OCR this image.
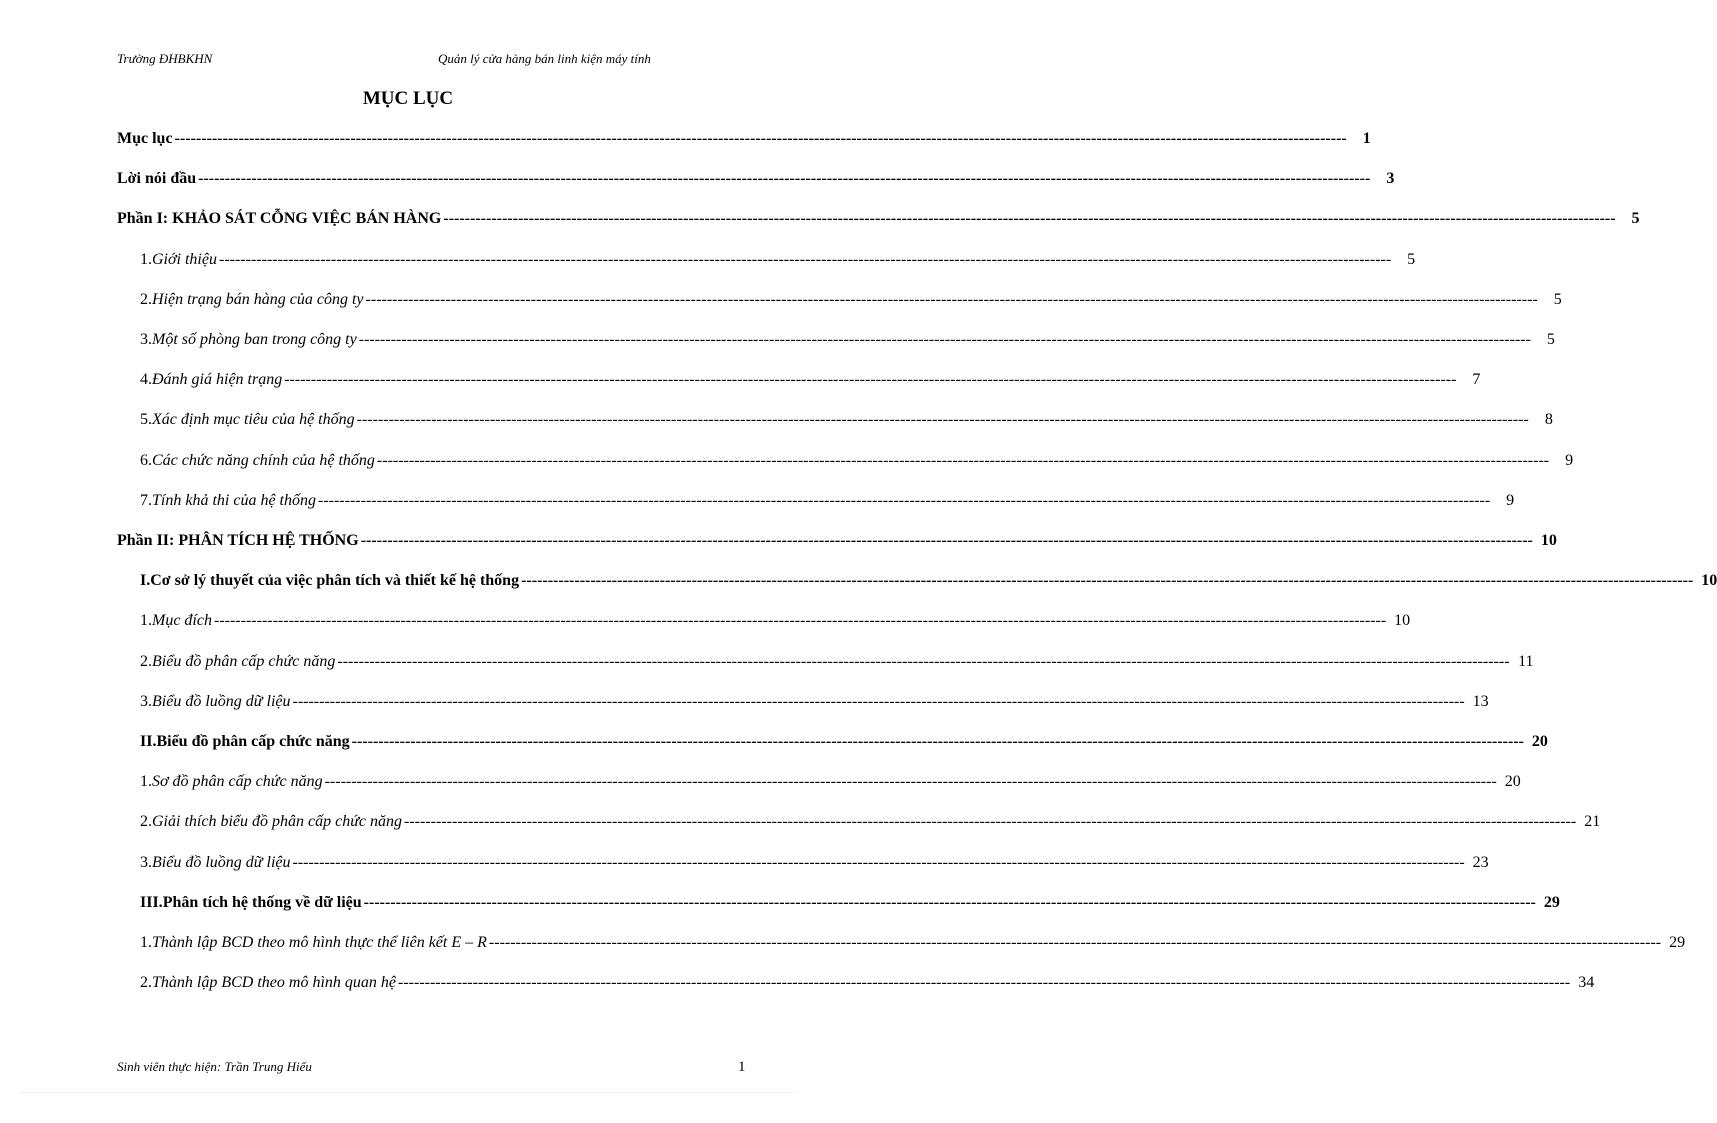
Trường ĐHBKHN	Quản lý cửa hàng bán linh kiện máy tính
MỤC LỤC
Mục lục ----------------------------------------------------------------------------------------------------------------------------------------------------------------------------------------------------------------------------	1
Lời nói đầu ----------------------------------------------------------------------------------------------------------------------------------------------------------------------------------------------------------------------------	3
Phần I: KHẢO SÁT CỖNG VIỆC BÁN HÀNG ----------------------------------------------------------------------------------------------------------------------------------------------------------------------------------------------------------------------------	5
1. Giới thiệu ----------------------------------------------------------------------------------------------------------------------------------------------------------------------------------------------------------------------------	5
2. Hiện trạng bán hàng của công ty ----------------------------------------------------------------------------------------------------------------------------------------------------------------------------------------------------------------------------	5
3. Một số phòng ban trong công ty ----------------------------------------------------------------------------------------------------------------------------------------------------------------------------------------------------------------------------	5
4. Đánh giá hiện trạng ----------------------------------------------------------------------------------------------------------------------------------------------------------------------------------------------------------------------------	7
5. Xác định mục tiêu của hệ thống ----------------------------------------------------------------------------------------------------------------------------------------------------------------------------------------------------------------------------	8
6. Các chức năng chính của hệ thống ----------------------------------------------------------------------------------------------------------------------------------------------------------------------------------------------------------------------------	9
7. Tính khả thi của hệ thống ----------------------------------------------------------------------------------------------------------------------------------------------------------------------------------------------------------------------------	9
Phần II: PHÂN TÍCH HỆ THỐNG ---------------------------------------------------------------------------------------------------------------------------------------------------------------------------------------------------------------------------- 10
I. Cơ sở lý thuyết của việc phân tích và thiết kế hệ thống ---------------------------------------------------------------------------------------------------------------------------------------------------------------------------------------------------------------------------- 10
1. Mục đích ---------------------------------------------------------------------------------------------------------------------------------------------------------------------------------------------------------------------------- 10
2. Biểu đồ phân cấp chức năng ---------------------------------------------------------------------------------------------------------------------------------------------------------------------------------------------------------------------------- 11
3. Biểu đồ luồng dữ liệu ---------------------------------------------------------------------------------------------------------------------------------------------------------------------------------------------------------------------------- 13
II. Biểu đồ phân cấp chức năng ---------------------------------------------------------------------------------------------------------------------------------------------------------------------------------------------------------------------------- 20
1. Sơ đồ phân cấp chức năng ---------------------------------------------------------------------------------------------------------------------------------------------------------------------------------------------------------------------------- 20
2. Giải thích biểu đồ phân cấp chức năng ---------------------------------------------------------------------------------------------------------------------------------------------------------------------------------------------------------------------------- 21
3. Biểu đồ luồng dữ liệu ---------------------------------------------------------------------------------------------------------------------------------------------------------------------------------------------------------------------------- 23
III. Phân tích hệ thống về dữ liệu ---------------------------------------------------------------------------------------------------------------------------------------------------------------------------------------------------------------------------- 29
1. Thành lập BCD theo mô hình thực thể liên kết E – R ---------------------------------------------------------------------------------------------------------------------------------------------------------------------------------------------------------------------------- 29
2. Thành lập BCD theo mô hình quan hệ ---------------------------------------------------------------------------------------------------------------------------------------------------------------------------------------------------------------------------- 34
Sinh viên thực hiện: Trần Trung Hiếu	1
